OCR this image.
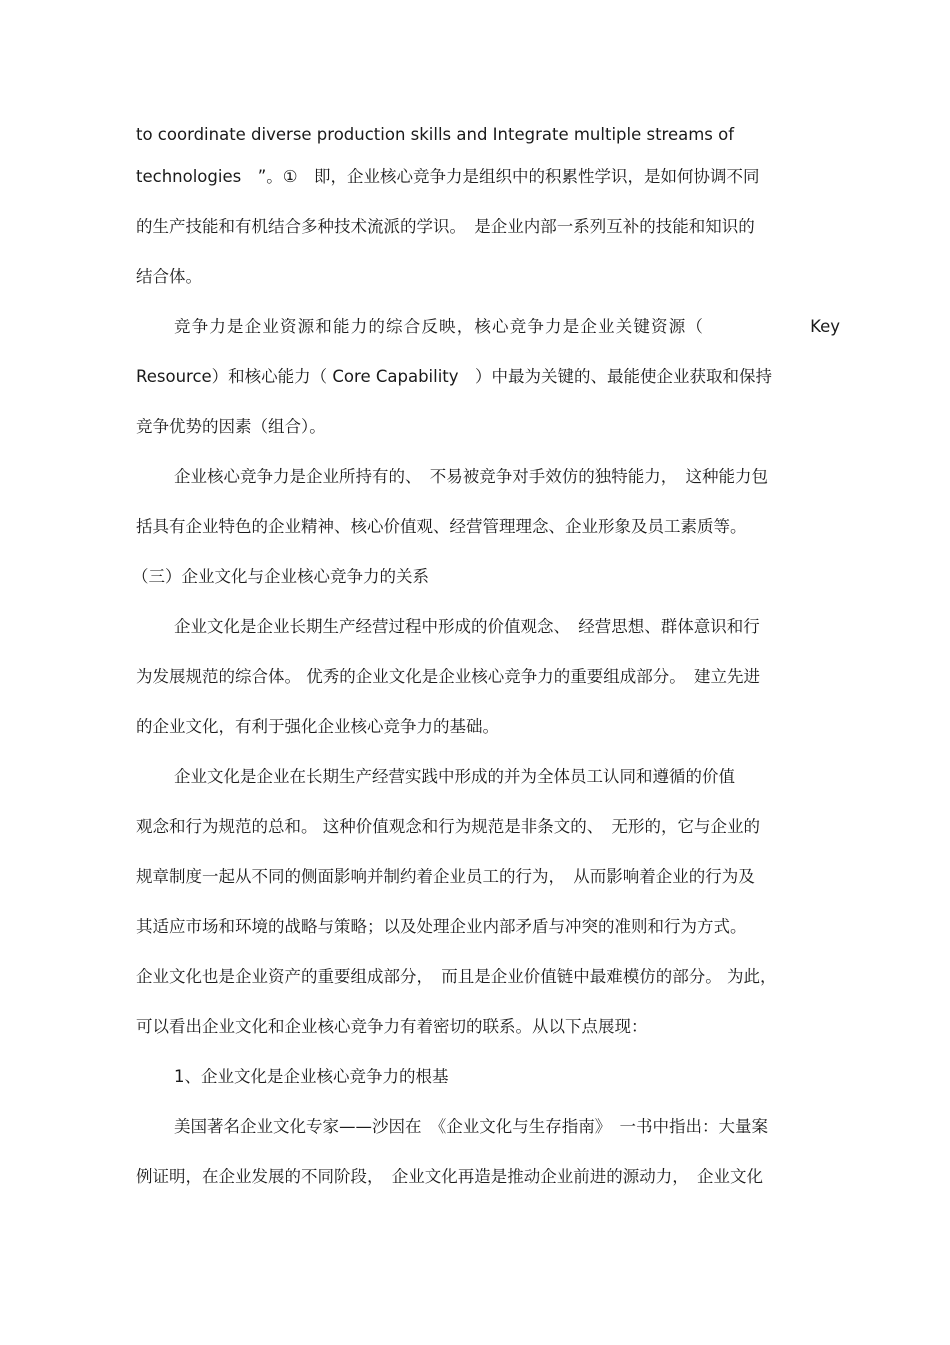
to coordinate diverse production skills and Integrate multiple streams of
technologies　”。①　即，企业核心竞争力是组织中的积累性学识，是如何协调不同
的生产技能和有机结合多种技术流派的学识。　是企业内部一系列互补的技能和知识的
结合体。
竞争力是企业资源和能力的综合反映，核心竞争力是企业关键资源（　　　　　　Key
Resource）和核心能力（ Core Capability　）中最为关键的、最能使企业获取和保持
竞争优势的因素（组合）。
企业核心竞争力是企业所持有的、　不易被竞争对手效仿的独特能力，　这种能力包
括具有企业特色的企业精神、核心价值观、经营管理理念、企业形象及员工素质等。
（三）企业文化与企业核心竞争力的关系
企业文化是企业长期生产经营过程中形成的价值观念、　经营思想、群体意识和行
为发展规范的综合体。 优秀的企业文化是企业核心竞争力的重要组成部分。　建立先进
的企业文化，有利于强化企业核心竞争力的基础。
企业文化是企业在长期生产经营实践中形成的并为全体员工认同和遵循的价值
观念和行为规范的总和。 这种价值观念和行为规范是非条文的、　无形的，它与企业的
规章制度一起从不同的侧面影响并制约着企业员工的行为，　从而影响着企业的行为及
其适应市场和环境的战略与策略；以及处理企业内部矛盾与冲突的准则和行为方式。
企业文化也是企业资产的重要组成部分，　而且是企业价值链中最难模仿的部分。 为此，
可以看出企业文化和企业核心竞争力有着密切的联系。从以下点展现：
1、企业文化是企业核心竞争力的根基
美国著名企业文化专家——沙因在　《企业文化与生存指南》　一书中指出：大量案
例证明，在企业发展的不同阶段，　企业文化再造是推动企业前进的源动力，　企业文化
